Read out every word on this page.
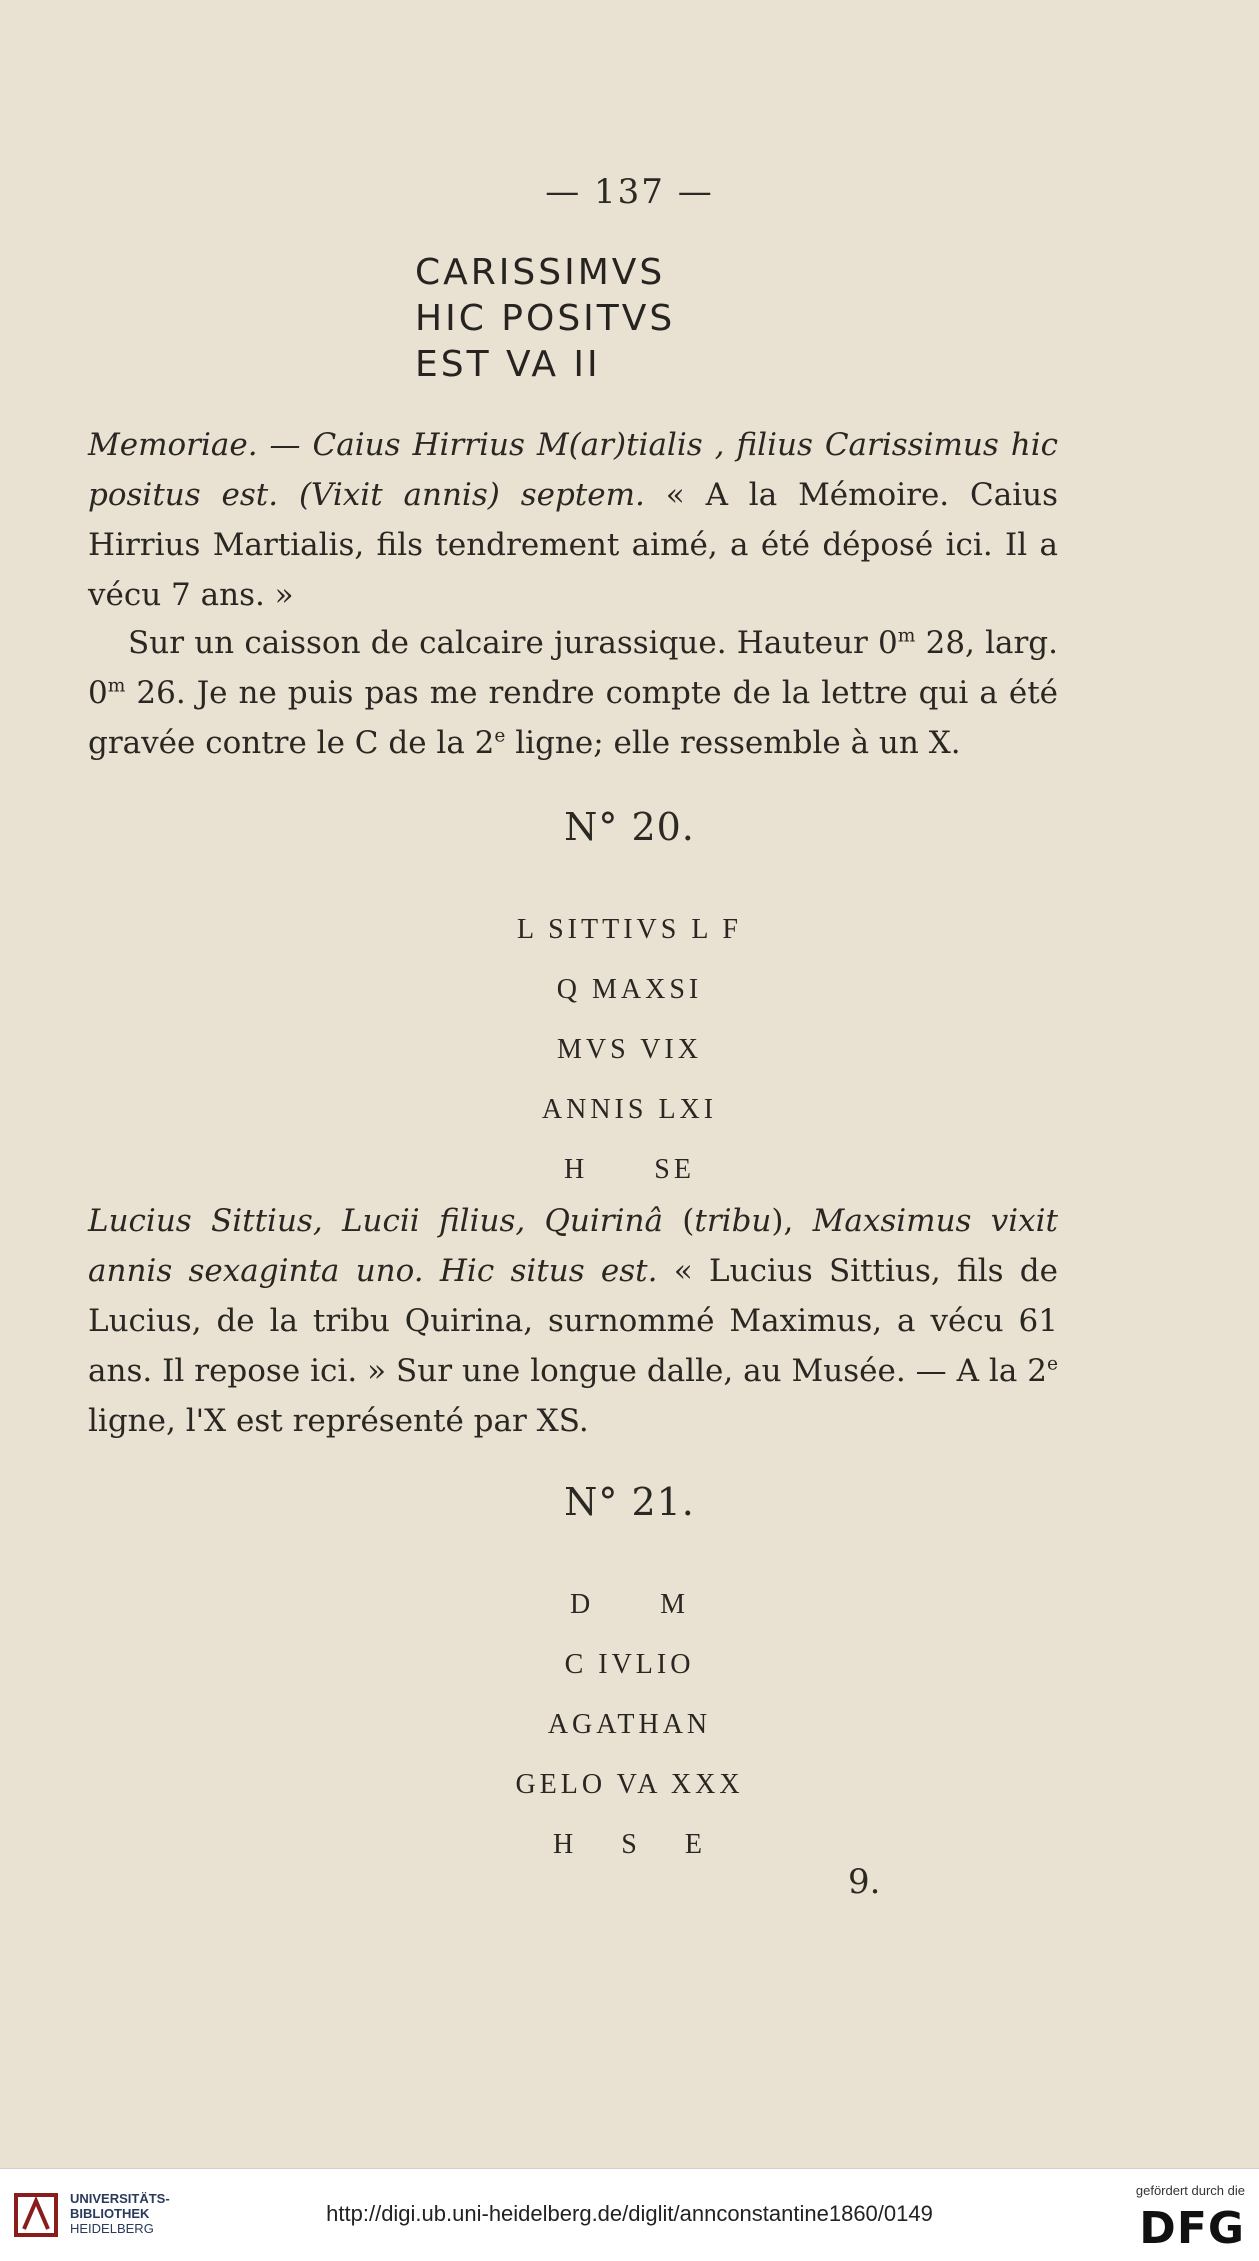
— 137 —
CARISSIMVS
HIC POSITVS
EST VA II
Memoriae. — Caius Hirrius M(ar)tialis , filius Carissimus hic positus est. (Vixit annis) septem. « A la Mémoire. Caius Hirrius Martialis, fils tendrement aimé, a été déposé ici. Il a vécu 7 ans. »
Sur un caisson de calcaire jurassique. Hauteur 0$^m$ 28, larg. 0$^m$ 26. Je ne puis pas me rendre compte de la lettre qui a été gravée contre le C de la 2e ligne; elle ressemble à un X.
N° 20.
L SITTIVS L F
Q MAXSI
MVS VIX
ANNIS LXI
H      SE
Lucius Sittius, Lucii filius, Quirinâ (tribu), Maxsimus vixit annis sexaginta uno. Hic situs est. « Lucius Sittius, fils de Lucius, de la tribu Quirina, surnommé Maximus, a vécu 61 ans. Il repose ici. » Sur une longue dalle, au Musée. — A la 2e ligne, l'X est représenté par XS.
N° 21.
D      M
C IVLIO
AGATHAN
GELO VA XXX
H    S    E
9.
UNIVERSITÄTS-
BIBLIOTHEK
HEIDELBERG
http://digi.ub.uni-heidelberg.de/diglit/annconstantine1860/0149
gefördert durch die
DFG
